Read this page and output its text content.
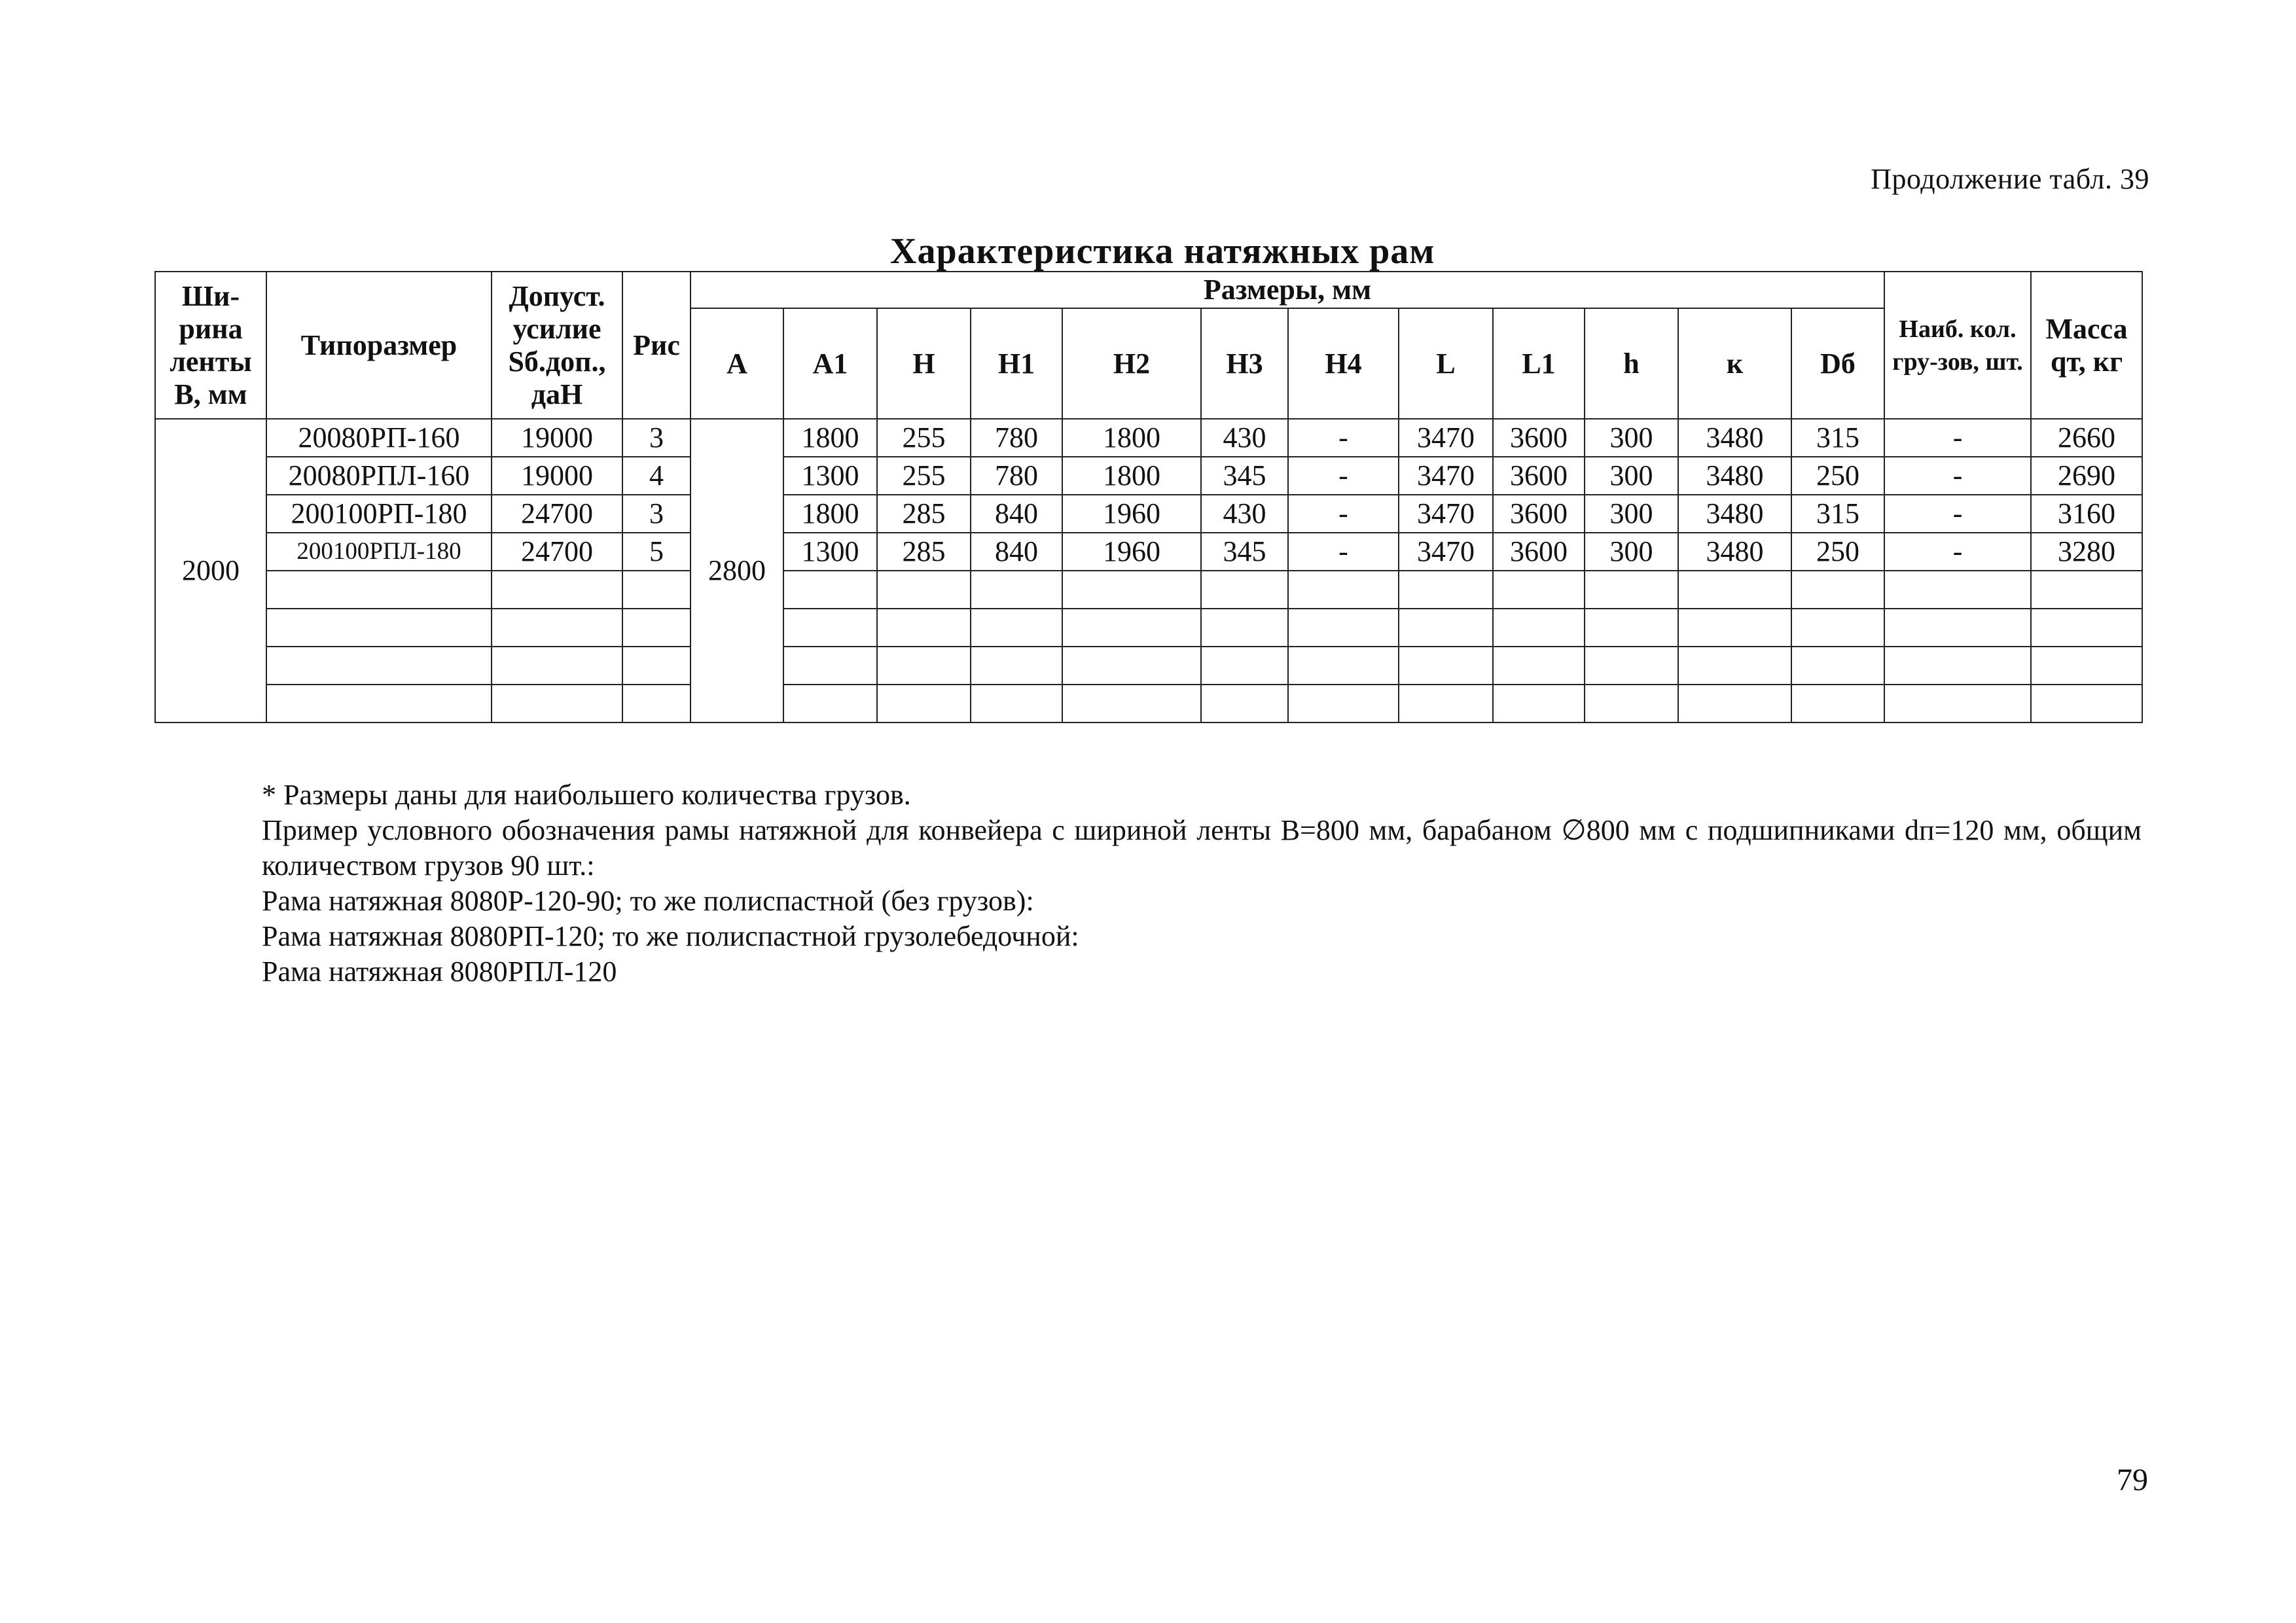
Продолжение табл. 39
Характеристика натяжных рам
Ши-рина ленты В, мм	Типоразмер	Допуст. усилие Sб.доп., даН	Рис	Размеры, мм												Наиб. кол. гру-зов, шт.	Масса qт, кг
				A	A1	H	H1	H2	H3	H4	L	L1	h	к	Dб		
2000	20080РП-160	19000	3	2800	1800	255	780	1800	430	-	3470	3600	300	3480	315	-	2660
	20080РПЛ-160	19000	4		1300	255	780	1800	345	-	3470	3600	300	3480	250	-	2690
	200100РП-180	24700	3		1800	285	840	1960	430	-	3470	3600	300	3480	315	-	3160
	200100РПЛ-180	24700	5		1300	285	840	1960	345	-	3470	3600	300	3480	250	-	3280

* Размеры даны для наибольшего количества грузов.

Пример условного обозначения рамы натяжной для конвейера с шириной ленты В=800 мм, барабаном ∅800 мм с подшипниками dп=120 мм, общим количеством грузов 90 шт.:

Рама натяжная 8080Р-120-90; то же полиспастной (без грузов):

Рама натяжная 8080РП-120; то же полиспастной грузолебедочной:

Рама натяжная 8080РПЛ-120

79
